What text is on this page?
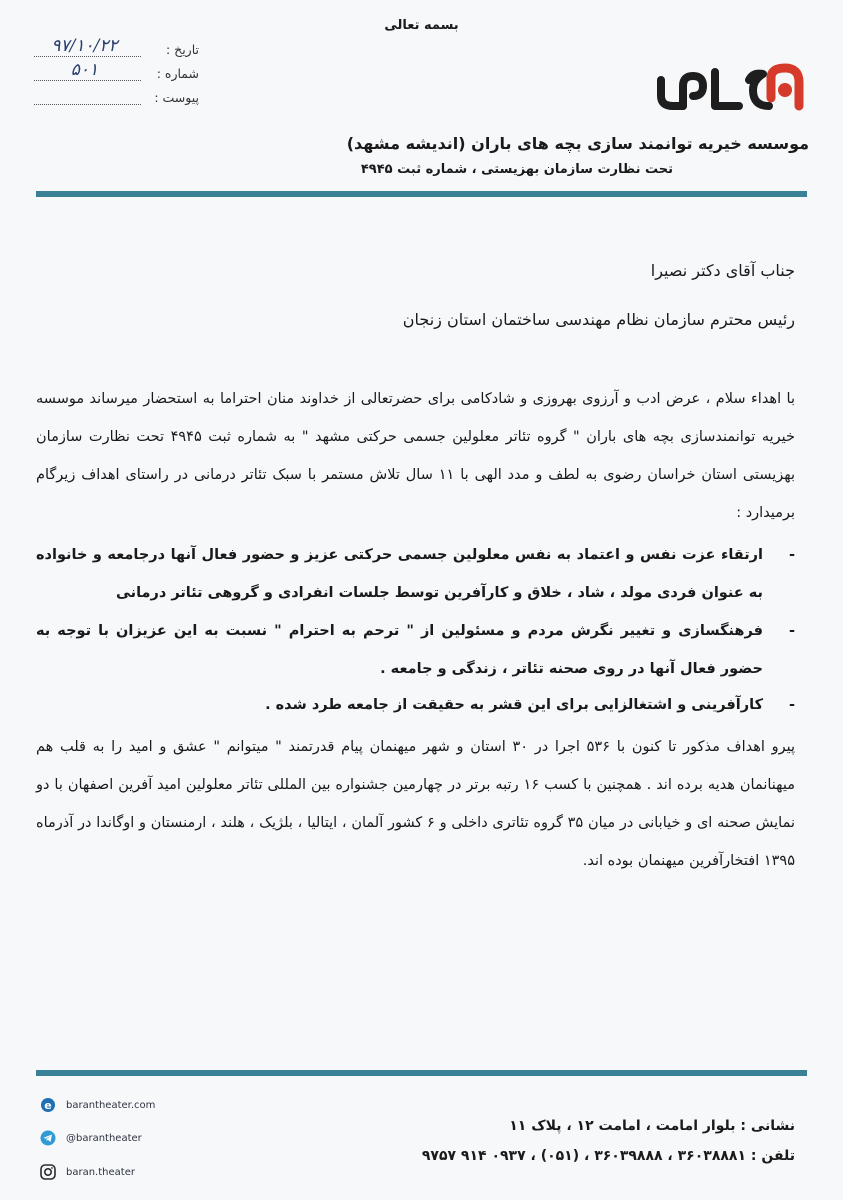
بسمه تعالی
تاریخ :
۹۷/۱۰/۲۲
شماره :
۵۰۱
پیوست :
موسسه خیریه توانمند سازی بچه های باران (اندیشه مشهد)
تحت نظارت سازمان بهزیستی ، شماره ثبت ۴۹۴۵
جناب آقای دکتر نصیرا
رئیس محترم سازمان نظام مهندسی ساختمان استان زنجان
با اهداء سلام ، عرض ادب و آرزوی بهروزی و شادکامی برای حضرتعالی از خداوند منان احتراما به استحضار میرساند موسسه خیریه توانمندسازی بچه های باران " گروه تئاتر معلولین جسمی حرکتی مشهد " به شماره ثبت ۴۹۴۵ تحت نظارت سازمان بهزیستی استان خراسان رضوی به لطف و مدد الهی با ۱۱ سال تلاش مستمر با سبک تئاتر درمانی در راستای اهداف زیرگام برمیدارد :
-
ارتقاء عزت نفس و اعتماد به نفس معلولین جسمی حرکتی عزیز و حضور فعال آنها درجامعه و خانواده به عنوان فردی مولد ، شاد ، خلاق و کارآفرین توسط جلسات انفرادی و گروهی تئاتر درمانی
-
فرهنگسازی و تغییر نگرش مردم و مسئولین از " ترحم به احترام " نسبت به این عزیزان با توجه به حضور فعال آنها در روی صحنه تئاتر ، زندگی و جامعه .
-
کارآفرینی و اشتغالزایی برای این قشر به حقیقت از جامعه طرد شده .
پیرو اهداف مذکور تا کنون با ۵۳۶ اجرا در ۳۰ استان و شهر میهنمان پیام قدرتمند " میتوانم " عشق و امید را به قلب هم میهنانمان هدیه برده اند . همچنین با کسب ۱۶ رتبه برتر در چهارمین جشنواره بین المللی تئاتر معلولین امید آفرین اصفهان با دو نمایش صحنه ای و خیابانی در میان ۳۵ گروه تئاتری داخلی و ۶ کشور آلمان ، ایتالیا ، بلژیک ، هلند ، ارمنستان و اوگاندا در آذرماه ۱۳۹۵ افتخارآفرین میهنمان بوده اند.
e barantheater.com
@barantheater
baran.theater
نشانی : بلوار امامت ، امامت ۱۲ ، پلاک ۱۱
تلفن : ۳۶۰۳۸۸۸۱ ، ۳۶۰۳۹۸۸۸ ، (۰۵۱) ، ۰۹۳۷ ۹۱۴ ۹۷۵۷
